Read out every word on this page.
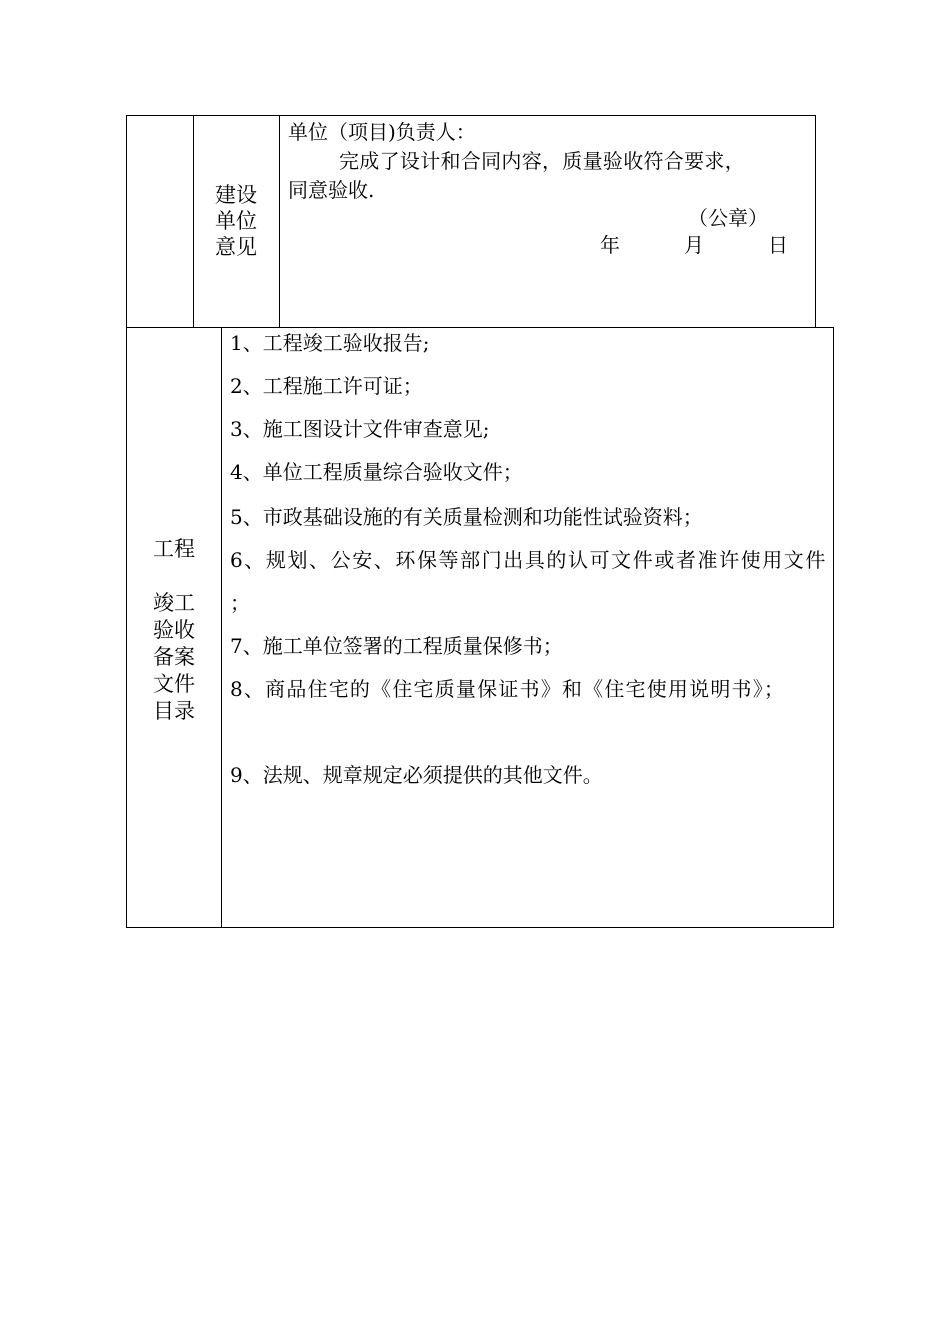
建设
单位
意见
单位（项目)负责人：
完成了设计和合同内容，质量验收符合要求，
同意验收.
（公章）
年	月	日
工程
竣工
验收
备案
文件
目录
1、工程竣工验收报告;
2、工程施工许可证；
3、施工图设计文件审查意见;
4、单位工程质量综合验收文件；
5、市政基础设施的有关质量检测和功能性试验资料；
6、规划、公安、环保等部门出具的认可文件或者准许使用文件 ；
7、施工单位签署的工程质量保修书；
8、商品住宅的《住宅质量保证书》和《住宅使用说明书》；
9、法规、规章规定必须提供的其他文件。
